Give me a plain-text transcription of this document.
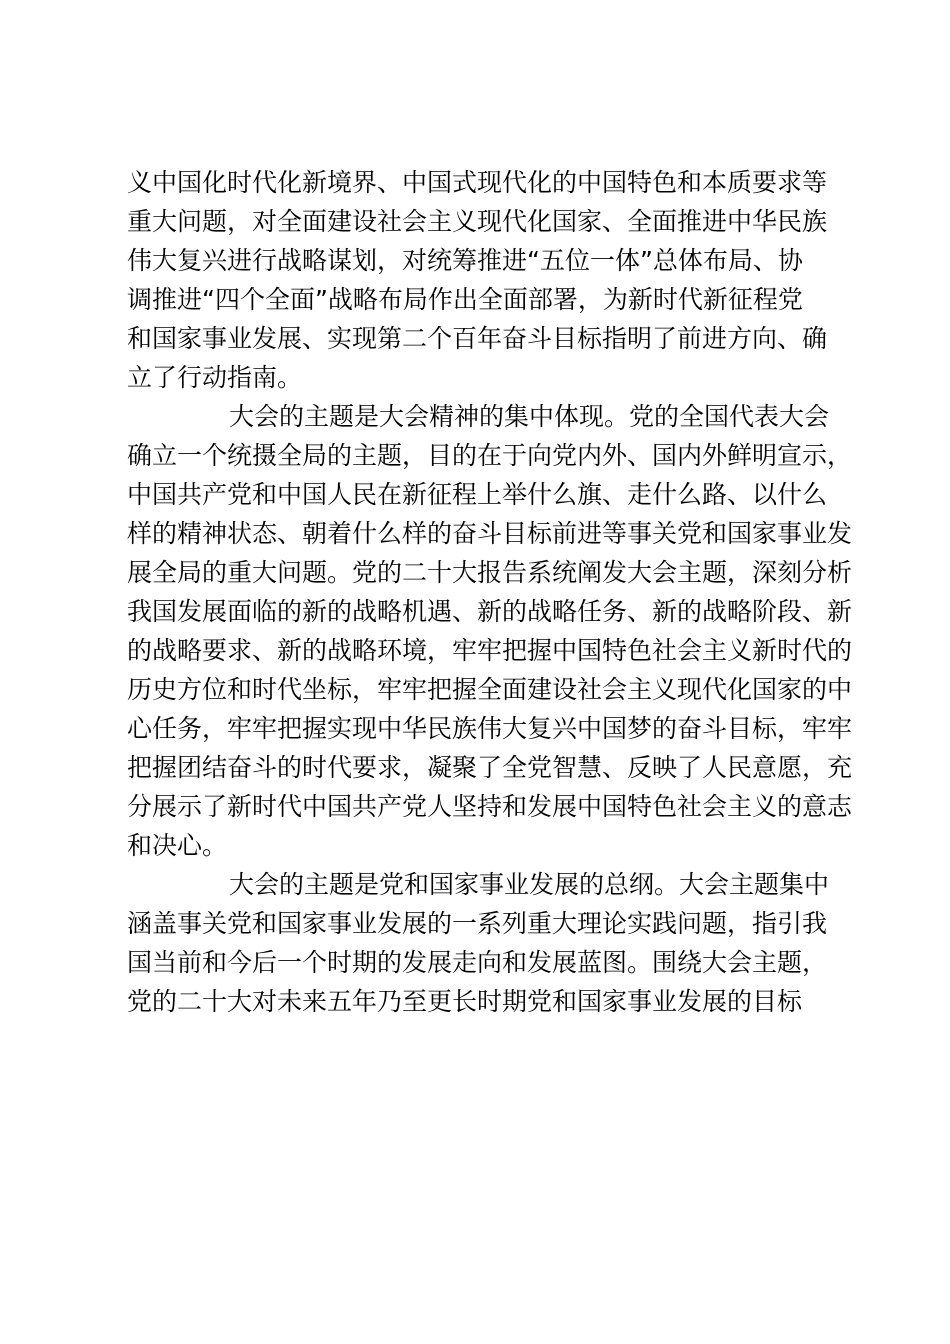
义中国化时代化新境界、中国式现代化的中国特色和本质要求等
重大问题，对全面建设社会主义现代化国家、全面推进中华民族
伟大复兴进行战略谋划，对统筹推进“五位一体”总体布局、协
调推进“四个全面”战略布局作出全面部署，为新时代新征程党
和国家事业发展、实现第二个百年奋斗目标指明了前进方向、确
立了行动指南。
大会的主题是大会精神的集中体现。党的全国代表大会
确立一个统摄全局的主题，目的在于向党内外、国内外鲜明宣示，
中国共产党和中国人民在新征程上举什么旗、走什么路、以什么
样的精神状态、朝着什么样的奋斗目标前进等事关党和国家事业发
展全局的重大问题。党的二十大报告系统阐发大会主题，深刻分析
我国发展面临的新的战略机遇、新的战略任务、新的战略阶段、新
的战略要求、新的战略环境，牢牢把握中国特色社会主义新时代的
历史方位和时代坐标，牢牢把握全面建设社会主义现代化国家的中
心任务，牢牢把握实现中华民族伟大复兴中国梦的奋斗目标，牢牢
把握团结奋斗的时代要求，凝聚了全党智慧、反映了人民意愿，充
分展示了新时代中国共产党人坚持和发展中国特色社会主义的意志
和决心。
大会的主题是党和国家事业发展的总纲。大会主题集中
涵盖事关党和国家事业发展的一系列重大理论实践问题，指引我
国当前和今后一个时期的发展走向和发展蓝图。围绕大会主题，
党的二十大对未来五年乃至更长时期党和国家事业发展的目标
